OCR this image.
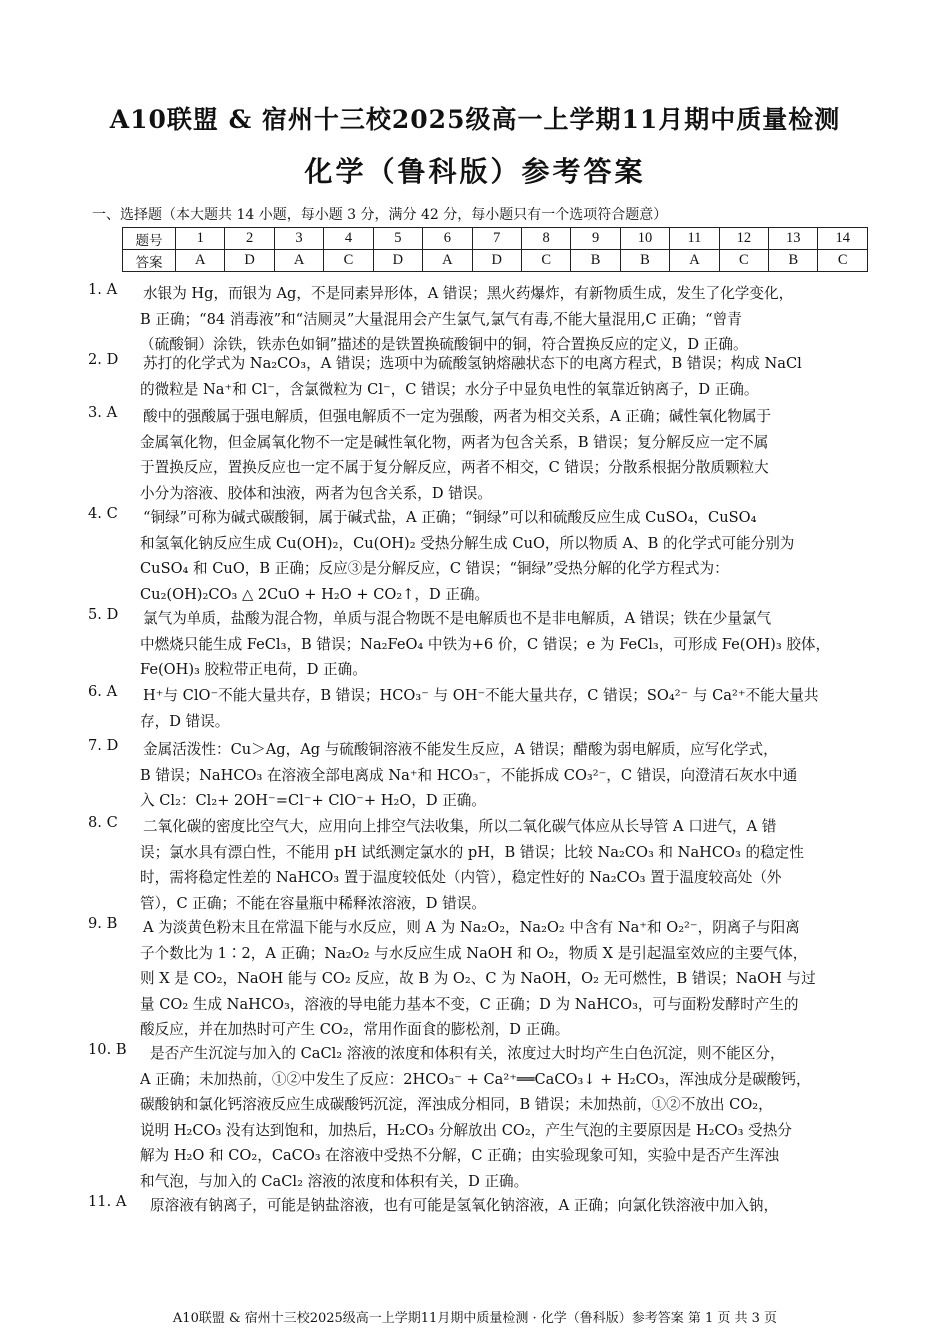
A10联盟 & 宿州十三校2025级高一上学期11月期中质量检测
化学（鲁科版）参考答案
一、选择题（本大题共 14 小题，每小题 3 分，满分 42 分，每小题只有一个选项符合题意）
题号	1	2	3	4	5	6	7	8	9	10	11	12	13	14
答案	A	D	A	C	D	A	D	C	B	B	A	C	B	C
1. A	水银为 Hg，而银为 Ag，不是同素异形体，A 错误；黑火药爆炸，有新物质生成，发生了化学变化，
B 正确；“84 消毒液”和“洁厕灵”大量混用会产生氯气,氯气有毒,不能大量混用,C 正确；“曾青
（硫酸铜）涂铁，铁赤色如铜”描述的是铁置换硫酸铜中的铜，符合置换反应的定义，D 正确。
2. D	苏打的化学式为 Na₂CO₃，A 错误；选项中为硫酸氢钠熔融状态下的电离方程式，B 错误；构成 NaCl
的微粒是 Na⁺和 Cl⁻，含氯微粒为 Cl⁻，C 错误；水分子中显负电性的氧靠近钠离子，D 正确。
3. A	酸中的强酸属于强电解质，但强电解质不一定为强酸，两者为相交关系，A 正确；碱性氧化物属于
金属氧化物，但金属氧化物不一定是碱性氧化物，两者为包含关系，B 错误；复分解反应一定不属
于置换反应，置换反应也一定不属于复分解反应，两者不相交，C 错误；分散系根据分散质颗粒大
小分为溶液、胶体和浊液，两者为包含关系，D 错误。
4. C	“铜绿”可称为碱式碳酸铜，属于碱式盐，A 正确；“铜绿”可以和硫酸反应生成 CuSO₄，CuSO₄
和氢氧化钠反应生成 Cu(OH)₂，Cu(OH)₂ 受热分解生成 CuO，所以物质 A、B 的化学式可能分别为
CuSO₄ 和 CuO，B 正确；反应③是分解反应，C 错误；“铜绿”受热分解的化学方程式为：
Cu₂(OH)₂CO₃ △ 2CuO + H₂O + CO₂↑，D 正确。
5. D	氯气为单质，盐酸为混合物，单质与混合物既不是电解质也不是非电解质，A 错误；铁在少量氯气
中燃烧只能生成 FeCl₃，B 错误；Na₂FeO₄ 中铁为+6 价，C 错误；e 为 FeCl₃，可形成 Fe(OH)₃ 胶体，
Fe(OH)₃ 胶粒带正电荷，D 正确。
6. A	H⁺与 ClO⁻不能大量共存，B 错误；HCO₃⁻ 与 OH⁻不能大量共存，C 错误；SO₄²⁻ 与 Ca²⁺不能大量共
存，D 错误。
7. D	金属活泼性：Cu＞Ag，Ag 与硫酸铜溶液不能发生反应，A 错误；醋酸为弱电解质，应写化学式，
B 错误；NaHCO₃ 在溶液全部电离成 Na⁺和 HCO₃⁻，不能拆成 CO₃²⁻，C 错误，向澄清石灰水中通
入 Cl₂：Cl₂+ 2OH⁻=Cl⁻+ ClO⁻+ H₂O，D 正确。
8. C	二氧化碳的密度比空气大，应用向上排空气法收集，所以二氧化碳气体应从长导管 A 口进气，A 错
误；氯水具有漂白性，不能用 pH 试纸测定氯水的 pH，B 错误；比较 Na₂CO₃ 和 NaHCO₃ 的稳定性
时，需将稳定性差的 NaHCO₃ 置于温度较低处（内管），稳定性好的 Na₂CO₃ 置于温度较高处（外
管），C 正确；不能在容量瓶中稀释浓溶液，D 错误。
9. B	A 为淡黄色粉末且在常温下能与水反应，则 A 为 Na₂O₂，Na₂O₂ 中含有 Na⁺和 O₂²⁻，阴离子与阳离
子个数比为 1∶2，A 正确；Na₂O₂ 与水反应生成 NaOH 和 O₂，物质 X 是引起温室效应的主要气体，
则 X 是 CO₂，NaOH 能与 CO₂ 反应，故 B 为 O₂、C 为 NaOH，O₂ 无可燃性，B 错误；NaOH 与过
量 CO₂ 生成 NaHCO₃，溶液的导电能力基本不变，C 正确；D 为 NaHCO₃，可与面粉发酵时产生的
酸反应，并在加热时可产生 CO₂，常用作面食的膨松剂，D 正确。
10. B	是否产生沉淀与加入的 CaCl₂ 溶液的浓度和体积有关，浓度过大时均产生白色沉淀，则不能区分，
A 正确；未加热前，①②中发生了反应：2HCO₃⁻ + Ca²⁺══CaCO₃↓ + H₂CO₃，浑浊成分是碳酸钙，
碳酸钠和氯化钙溶液反应生成碳酸钙沉淀，浑浊成分相同，B 错误；未加热前，①②不放出 CO₂，
说明 H₂CO₃ 没有达到饱和，加热后，H₂CO₃ 分解放出 CO₂，产生气泡的主要原因是 H₂CO₃ 受热分
解为 H₂O 和 CO₂，CaCO₃ 在溶液中受热不分解，C 正确；由实验现象可知，实验中是否产生浑浊
和气泡，与加入的 CaCl₂ 溶液的浓度和体积有关，D 正确。
11. A	原溶液有钠离子，可能是钠盐溶液，也有可能是氢氧化钠溶液，A 正确；向氯化铁溶液中加入钠，
A10联盟 & 宿州十三校2025级高一上学期11月期中质量检测 · 化学（鲁科版）参考答案 第 1 页 共 3 页
